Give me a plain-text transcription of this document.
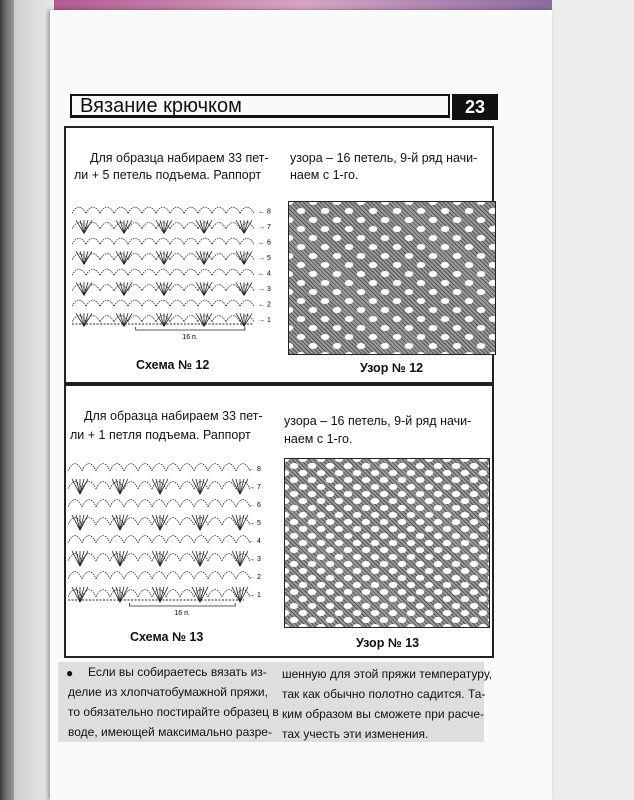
Вязание крючком	23
Для образца набираем 33 пет-
ли + 5 петель подъема. Раппорт
узора – 16 петель, 9-й ряд начи-
наем с 1-го.
← 8
→ 7
← 6
→ 5
← 4
→ 3
← 2
→ 1
16 п.
Схема № 12	Узор № 12
Для образца набираем 33 пет-
ли + 1 петля подъема. Раппорт
узора – 16 петель, 9-й ряд начи-
наем с 1-го.
← 8
→ 7
← 6
→ 5
← 4
→ 3
← 2
→ 1
16 п.
Схема № 13	Узор № 13
● Если вы собираетесь вязать из-
делие из хлопчатобумажной пряжи,
то обязательно постирайте образец в
воде, имеющей максимально разре-
шенную для этой пряжи температуру,
так как обычно полотно садится. Та-
ким образом вы сможете при расче-
тах учесть эти изменения.
